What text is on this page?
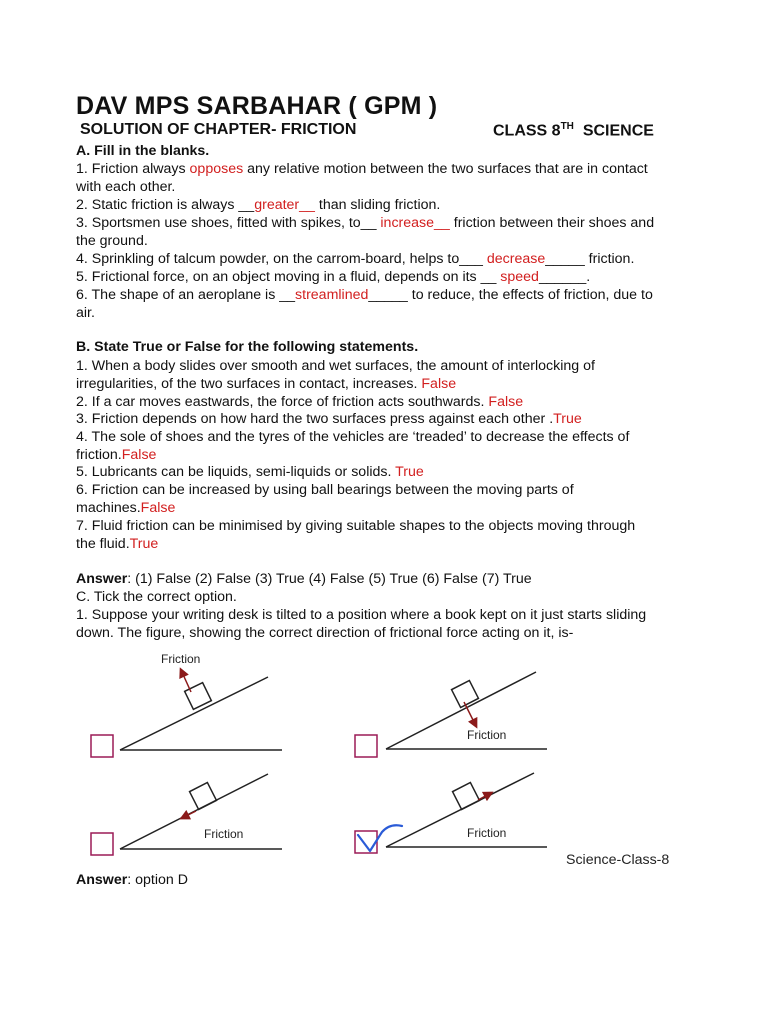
DAV MPS SARBAHAR ( GPM )
SOLUTION OF CHAPTER- FRICTION	CLASS 8TH SCIENCE
A. Fill in the blanks.
1. Friction always opposes any relative motion between the two surfaces that are in contact
with each other.
2. Static friction is always __greater__ than sliding friction.
3. Sportsmen use shoes, fitted with spikes, to__ increase__ friction between their shoes and
the ground.
4. Sprinkling of talcum powder, on the carrom-board, helps to___ decrease_____ friction.
5. Frictional force, on an object moving in a fluid, depends on its __ speed______.
6. The shape of an aeroplane is __streamlined_____ to reduce, the effects of friction, due to
air.
B. State True or False for the following statements.
1. When a body slides over smooth and wet surfaces, the amount of interlocking of
irregularities, of the two surfaces in contact, increases. False
2. If a car moves eastwards, the force of friction acts southwards. False
3. Friction depends on how hard the two surfaces press against each other .True
4. The sole of shoes and the tyres of the vehicles are ‘treaded’ to decrease the effects of
friction.False
5. Lubricants can be liquids, semi-liquids or solids. True
6. Friction can be increased by using ball bearings between the moving parts of
machines.False
7. Fluid friction can be minimised by giving suitable shapes to the objects moving through
the fluid.True
Answer: (1) False (2) False (3) True (4) False (5) True (6) False (7) True
C. Tick the correct option.
1. Suppose your writing desk is tilted to a position where a book kept on it just starts sliding
down. The figure, showing the correct direction of frictional force acting on it, is-
Friction
Friction
Friction	Friction
Science-Class-8
Answer: option D
